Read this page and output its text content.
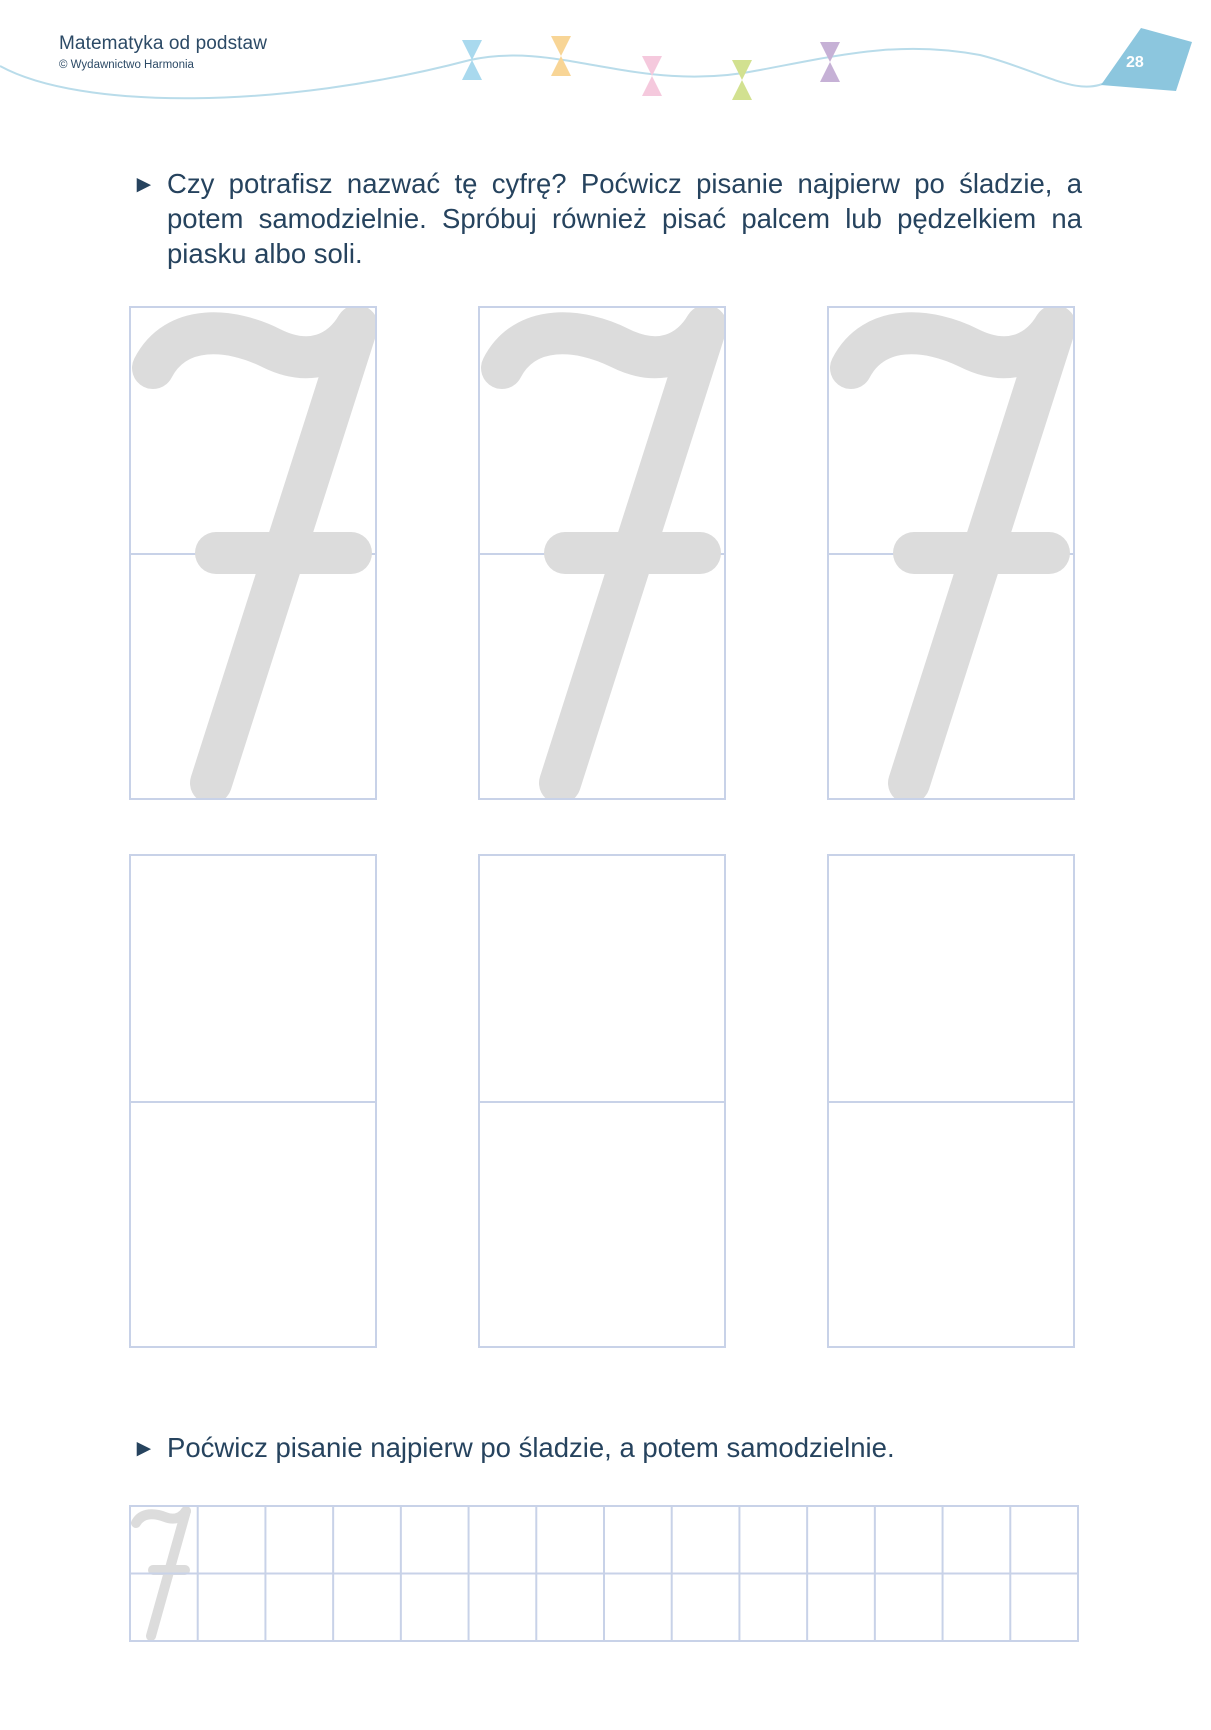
Matematyka od podstaw
© Wydawnictwo Harmonia	28
► Czy potrafisz nazwać tę cyfrę? Poćwicz pisanie najpierw po śladzie, a potem samodzielnie. Spróbuj również pisać palcem lub pędzelkiem na piasku albo soli.
► Poćwicz pisanie najpierw po śladzie, a potem samodzielnie.
